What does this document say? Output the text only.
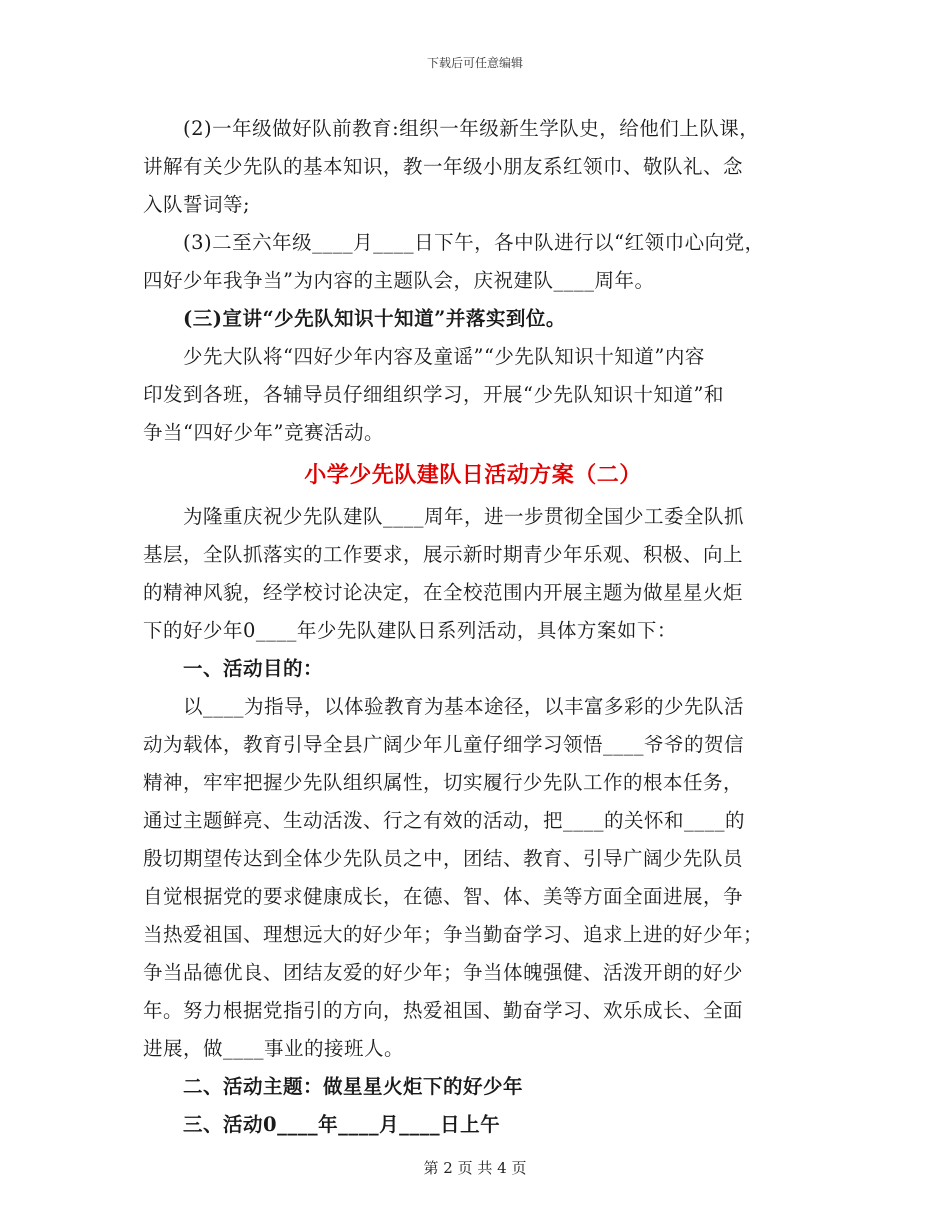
下载后可任意编辑
(2)一年级做好队前教育:组织一年级新生学队史，给他们上队课，
讲解有关少先队的基本知识，教一年级小朋友系红领巾、敬队礼、念
入队誓词等;
(3)二至六年级____月____日下午，各中队进行以“红领巾心向党，
四好少年我争当”为内容的主题队会，庆祝建队____周年。
(三)宣讲“少先队知识十知道”并落实到位。
少先大队将“四好少年内容及童谣”“少先队知识十知道”内容
印发到各班，各辅导员仔细组织学习，开展“少先队知识十知道”和
争当“四好少年”竞赛活动。
小学少先队建队日活动方案（二）
为隆重庆祝少先队建队____周年，进一步贯彻全国少工委全队抓
基层，全队抓落实的工作要求，展示新时期青少年乐观、积极、向上
的精神风貌，经学校讨论决定，在全校范围内开展主题为做星星火炬
下的好少年0____年少先队建队日系列活动，具体方案如下：
一、活动目的：
以____为指导，以体验教育为基本途径，以丰富多彩的少先队活
动为载体，教育引导全县广阔少年儿童仔细学习领悟____爷爷的贺信
精神，牢牢把握少先队组织属性，切实履行少先队工作的根本任务，
通过主题鲜亮、生动活泼、行之有效的活动，把____的关怀和____的
殷切期望传达到全体少先队员之中，团结、教育、引导广阔少先队员
自觉根据党的要求健康成长，在德、智、体、美等方面全面进展，争
当热爱祖国、理想远大的好少年；争当勤奋学习、追求上进的好少年；
争当品德优良、团结友爱的好少年；争当体魄强健、活泼开朗的好少
年。努力根据党指引的方向，热爱祖国、勤奋学习、欢乐成长、全面
进展，做____事业的接班人。
二、活动主题：做星星火炬下的好少年
三、活动0____年____月____日上午
第 2 页 共 4 页
